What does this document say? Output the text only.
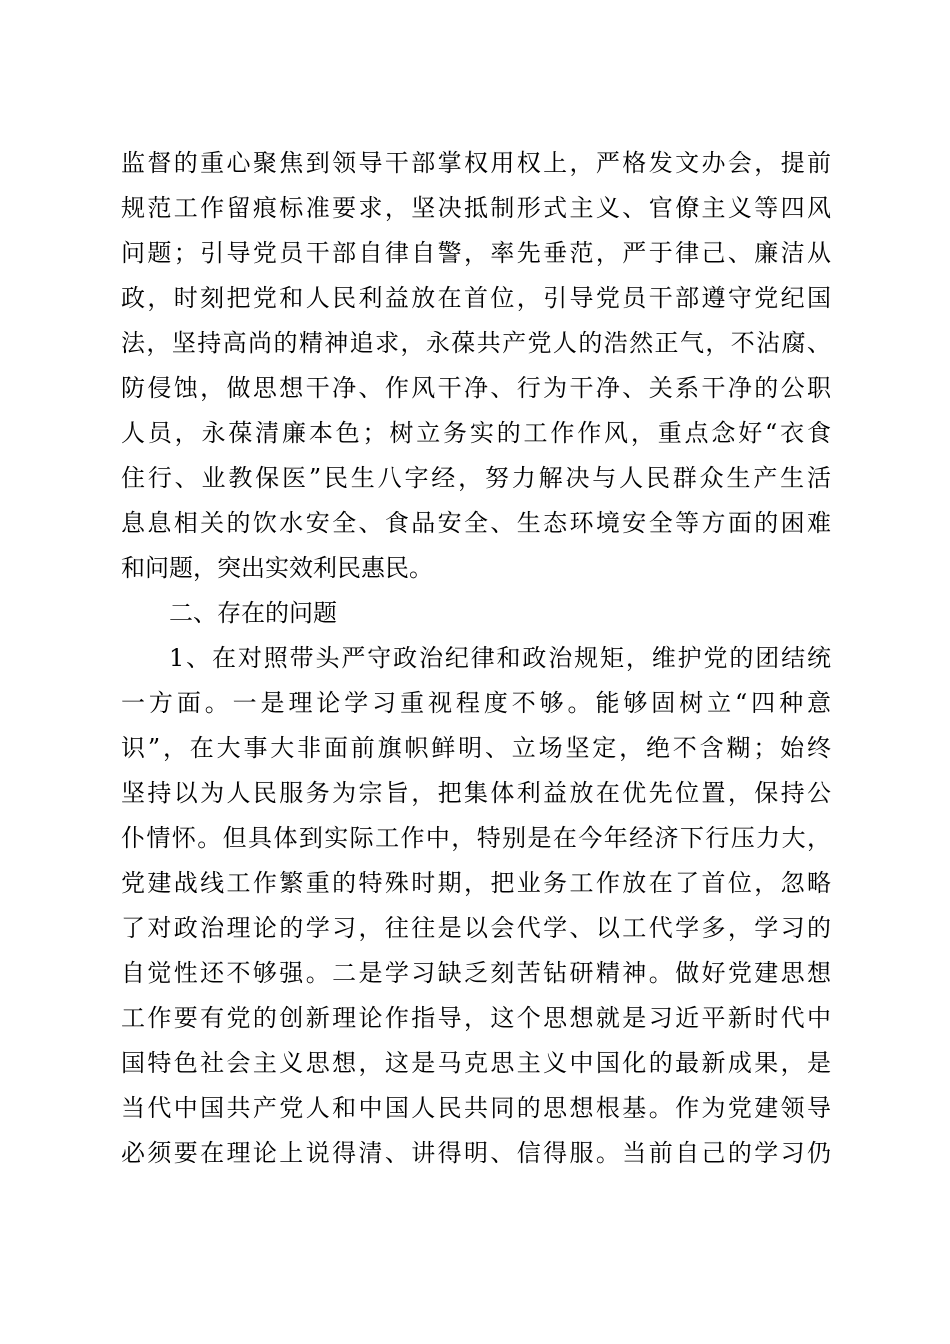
监督的重心聚焦到领导干部掌权用权上，严格发文办会，提前
规范工作留痕标准要求，坚决抵制形式主义、官僚主义等四风
问题；引导党员干部自律自警，率先垂范，严于律己、廉洁从
政，时刻把党和人民利益放在首位，引导党员干部遵守党纪国
法，坚持高尚的精神追求，永葆共产党人的浩然正气，不沾腐、
防侵蚀，做思想干净、作风干净、行为干净、关系干净的公职
人员，永葆清廉本色；树立务实的工作作风，重点念好“衣食
住行、业教保医”民生八字经，努力解决与人民群众生产生活
息息相关的饮水安全、食品安全、生态环境安全等方面的困难
和问题，突出实效利民惠民。
二、存在的问题
1、在对照带头严守政治纪律和政治规矩，维护党的团结统
一方面。一是理论学习重视程度不够。能够固树立“四种意
识”，在大事大非面前旗帜鲜明、立场坚定，绝不含糊；始终
坚持以为人民服务为宗旨，把集体利益放在优先位置，保持公
仆情怀。但具体到实际工作中，特别是在今年经济下行压力大，
党建战线工作繁重的特殊时期，把业务工作放在了首位，忽略
了对政治理论的学习，往往是以会代学、以工代学多，学习的
自觉性还不够强。二是学习缺乏刻苦钻研精神。做好党建思想
工作要有党的创新理论作指导，这个思想就是习近平新时代中
国特色社会主义思想，这是马克思主义中国化的最新成果，是
当代中国共产党人和中国人民共同的思想根基。作为党建领导
必须要在理论上说得清、讲得明、信得服。当前自己的学习仍
